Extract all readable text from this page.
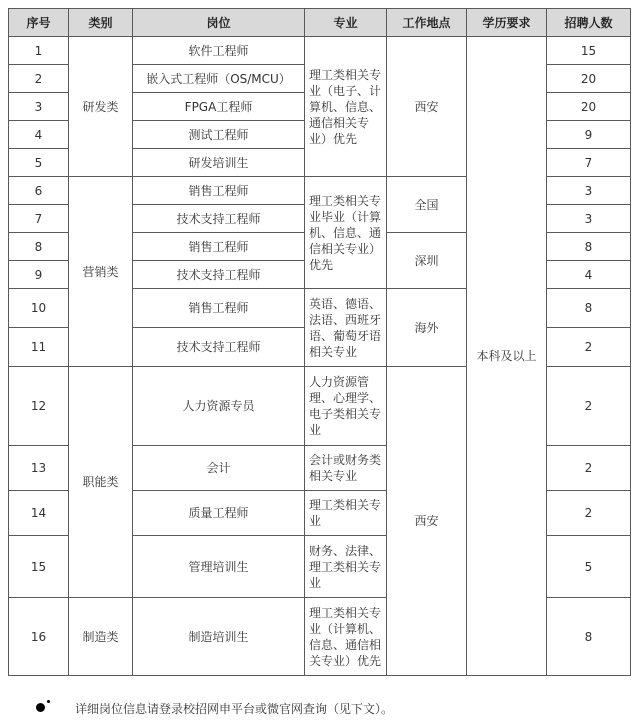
序号	类别	岗位	专业	工作地点	学历要求	招聘人数
1	研发类	软件工程师	理工类相关专业（电子、计算机、信息、通信相关专业）优先	西安	本科及以上	15
2		嵌入式工程师（OS/MCU）				20
3		FPGA工程师				20
4		测试工程师				9
5		研发培训生				7
6	营销类	销售工程师	理工类相关专业毕业（计算机、信息、通信相关专业）优先	全国		3
7		技术支持工程师				3
8		销售工程师		深圳		8
9		技术支持工程师				4
10		销售工程师	英语、德语、法语、西班牙语、葡萄牙语相关专业	海外		8
11		技术支持工程师				2
12	职能类	人力资源专员	人力资源管理、心理学、电子类相关专业	西安		2
13		会计	会计或财务类相关专业			2
14		质量工程师	理工类相关专业			2
15		管理培训生	财务、法律、理工类相关专业			5
16	制造类	制造培训生	理工类相关专业（计算机、信息、通信相关专业）优先			8
详细岗位信息请登录校招网申平台或微官网查询（见下文）。
